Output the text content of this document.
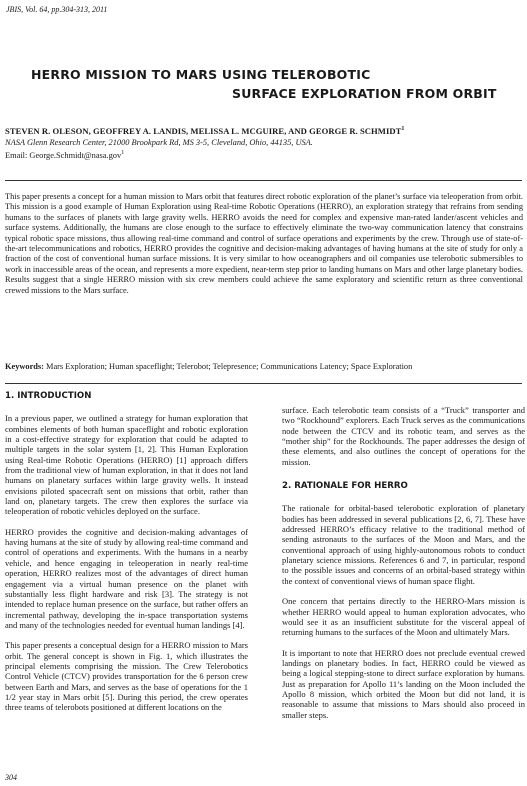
JBIS, Vol. 64, pp.304-313, 2011
HERRO MISSION TO MARS USING TELEROBOTIC
SURFACE EXPLORATION FROM ORBIT
STEVEN R. OLESON, GEOFFREY A. LANDIS, MELISSA L. MCGUIRE, AND GEORGE R. SCHMIDT$^1$
NASA Glenn Research Center, 21000 Brookpark Rd, MS 3-5, Cleveland, Ohio, 44135, USA.
Email: George.Schmidt@nasa.gov$^1$
This paper presents a concept for a human mission to Mars orbit that features direct robotic exploration of the planet’s surface via teleoperation from orbit. This mission is a good example of Human Exploration using Real-time Robotic Operations (HERRO), an exploration strategy that refrains from sending humans to the surfaces of planets with large gravity wells. HERRO avoids the need for complex and expensive man-rated lander/ascent vehicles and surface systems. Additionally, the humans are close enough to the surface to effectively eliminate the two-way communication latency that constrains typical robotic space missions, thus allowing real-time command and control of surface operations and experiments by the crew. Through use of state-of-the-art telecommunications and robotics, HERRO provides the cognitive and decision-making advantages of having humans at the site of study for only a fraction of the cost of conventional human surface missions. It is very similar to how oceanographers and oil companies use telerobotic submersibles to work in inaccessible areas of the ocean, and represents a more expedient, near-term step prior to landing humans on Mars and other large planetary bodies. Results suggest that a single HERRO mission with six crew members could achieve the same exploratory and scientific return as three conventional crewed missions to the Mars surface.
Keywords: Mars Exploration; Human spaceflight; Telerobot; Telepresence; Communications Latency; Space Exploration
1. INTRODUCTION

In a previous paper, we outlined a strategy for human exploration that combines elements of both human spaceflight and robotic exploration in a cost-effective strategy for exploration that could be adapted to multiple targets in the solar system [1, 2]. This Human Exploration using Real-time Robotic Operations (HERRO) [1] approach differs from the traditional view of human exploration, in that it does not land humans on planetary surfaces within large gravity wells. It instead envisions piloted spacecraft sent on missions that orbit, rather than land on, planetary targets. The crew then explores the surface via teleoperation of robotic vehicles deployed on the surface.

HERRO provides the cognitive and decision-making advantages of having humans at the site of study by allowing real-time command and control of operations and experiments. With the humans in a nearby vehicle, and hence engaging in teleoperation in nearly real-time operation, HERRO realizes most of the advantages of direct human engagement via a virtual human presence on the planet with substantially less flight hardware and risk [3]. The strategy is not intended to replace human presence on the surface, but rather offers an incremental pathway, developing the in-space transportation systems and many of the technologies needed for eventual human landings [4].

This paper presents a conceptual design for a HERRO mission to Mars orbit. The general concept is shown in Fig. 1, which illustrates the principal elements comprising the mission. The Crew Telerobotics Control Vehicle (CTCV) provides transportation for the 6 person crew between Earth and Mars, and serves as the base of operations for the 1 1/2 year stay in Mars orbit [5]. During this period, the crew operates three teams of telerobots positioned at different locations on the

surface. Each telerobotic team consists of a “Truck” transporter and two “Rockhound” explorers. Each Truck serves as the communications node between the CTCV and its robotic team, and serves as the “mother ship” for the Rockhounds. The paper addresses the design of these elements, and also outlines the concept of operations for the mission.

2. RATIONALE FOR HERRO

The rationale for orbital-based telerobotic exploration of planetary bodies has been addressed in several publications [2, 6, 7]. These have addressed HERRO’s efficacy relative to the traditional method of sending astronauts to the surfaces of the Moon and Mars, and the conventional approach of using highly-autonomous robots to conduct planetary science missions. References 6 and 7, in particular, respond to the possible issues and concerns of an orbital-based strategy within the context of conventional views of human space flight.

One concern that pertains directly to the HERRO-Mars mission is whether HERRO would appeal to human exploration advocates, who would see it as an insufficient substitute for the visceral appeal of returning humans to the surfaces of the Moon and ultimately Mars.

It is important to note that HERRO does not preclude eventual crewed landings on planetary bodies. In fact, HERRO could be viewed as being a logical stepping-stone to direct surface exploration by humans. Just as preparation for Apollo 11’s landing on the Moon included the Apollo 8 mission, which orbited the Moon but did not land, it is reasonable to assume that missions to Mars should also proceed in smaller steps.

304
